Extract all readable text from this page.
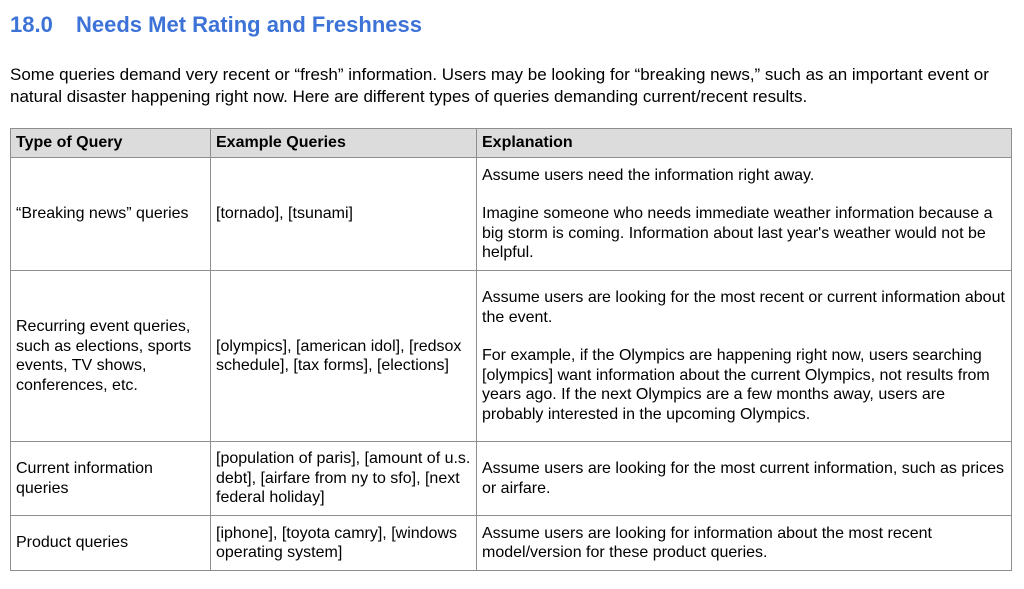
18.0 Needs Met Rating and Freshness

Some queries demand very recent or “fresh” information. Users may be looking for “breaking news,” such as an important event or natural disaster happening right now. Here are different types of queries demanding current/recent results.

Type of Query	Example Queries	Explanation
“Breaking news” queries	[tornado], [tsunami]	Assume users need the information right away.
Imagine someone who needs immediate weather information because a big storm is coming. Information about last year's weather would not be helpful.

Recurring event queries, such as elections, sports events, TV shows, conferences, etc.	[olympics], [american idol], [redsox schedule], [tax forms], [elections]	Assume users are looking for the most recent or current information about the event.
For example, if the Olympics are happening right now, users searching [olympics] want information about the current Olympics, not results from years ago. If the next Olympics are a few months away, users are probably interested in the upcoming Olympics.

Current information queries	[population of paris], [amount of u.s. debt], [airfare from ny to sfo], [next federal holiday]	Assume users are looking for the most current information, such as prices or airfare.

Product queries	[iphone], [toyota camry], [windows operating system]	Assume users are looking for information about the most recent model/version for these product queries.
